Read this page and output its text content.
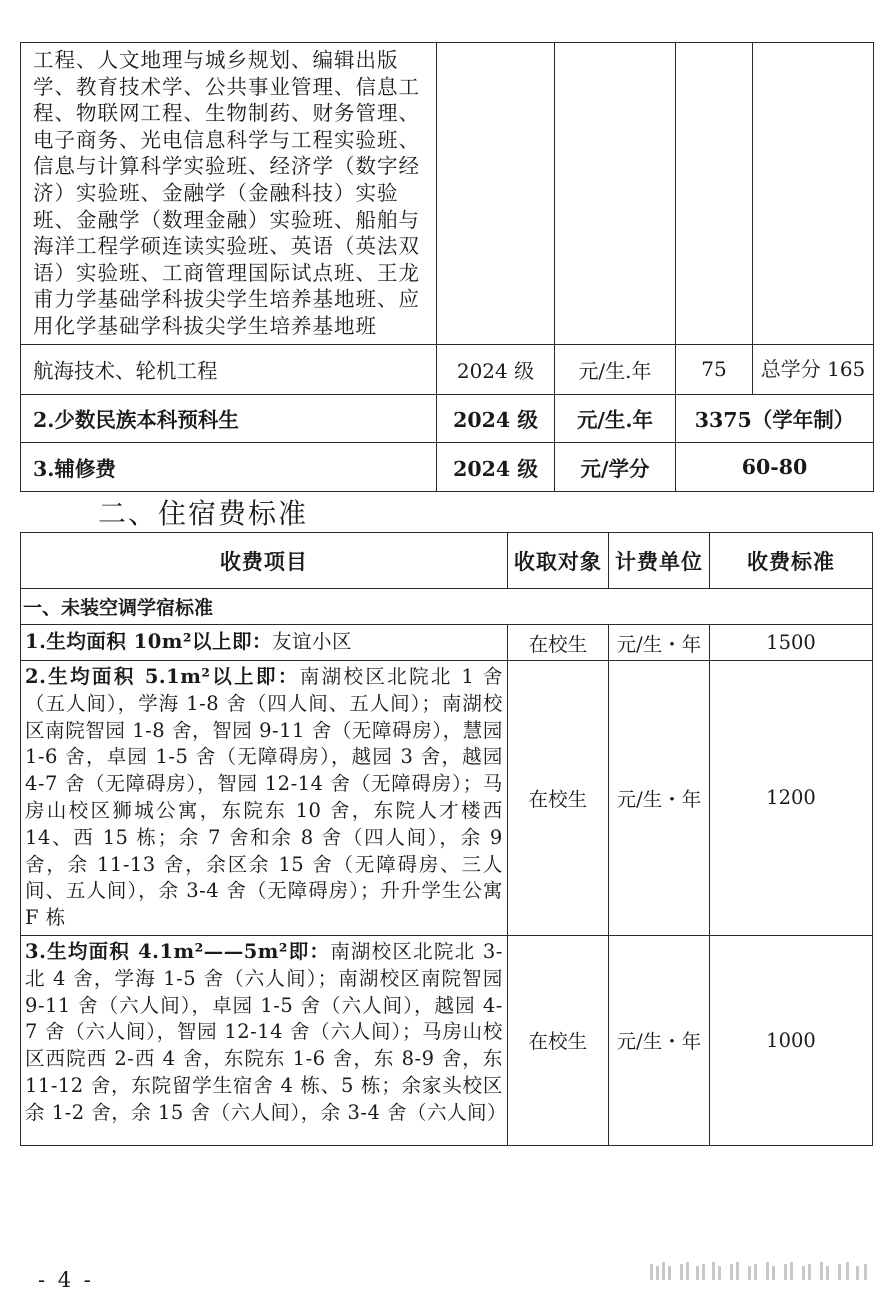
工程、人文地理与城乡规划、编辑出版学、教育技术学、公共事业管理、信息工程、物联网工程、生物制药、财务管理、电子商务、光电信息科学与工程实验班、信息与计算科学实验班、经济学（数字经济）实验班、金融学（金融科技）实验班、金融学（数理金融）实验班、船舶与海洋工程学硕连读实验班、英语（英法双语）实验班、工商管理国际试点班、王龙甫力学基础学科拔尖学生培养基地班、应用化学基础学科拔尖学生培养基地班				
航海技术、轮机工程	2024 级	元/生.年	75	总学分 165
2.少数民族本科预科生	2024 级	元/生.年	3375（学年制）	
3.辅修费	2024 级	元/学分	60-80	
二、住宿费标准
收费项目	收取对象	计费单位	收费标准
一、未装空调学宿标准			
1.生均面积 10m²以上即：友谊小区	在校生	元/生・年	1500
2.生均面积 5.1m²以上即：南湖校区北院北 1 舍（五人间），学海 1-8 舍（四人间、五人间）；南湖校区南院智园 1-8 舍，智园 9-11 舍（无障碍房），慧园 1-6 舍，卓园 1-5 舍（无障碍房），越园 3 舍，越园 4-7 舍（无障碍房），智园 12-14 舍（无障碍房）；马房山校区狮城公寓，东院东 10 舍，东院人才楼西 14、西 15 栋；余 7 舍和余 8 舍（四人间），余 9 舍，余 11-13 舍，余区余 15 舍（无障碍房、三人间、五人间），余 3-4 舍（无障碍房）；升升学生公寓 F 栋	在校生	元/生・年	1200
3.生均面积 4.1m²——5m²即：南湖校区北院北 3-北 4 舍，学海 1-5 舍（六人间）；南湖校区南院智园 9-11 舍（六人间），卓园 1-5 舍（六人间），越园 4-7 舍（六人间），智园 12-14 舍（六人间）；马房山校区西院西 2-西 4 舍，东院东 1-6 舍，东 8-9 舍，东 11-12 舍，东院留学生宿舍 4 栋、5 栋；余家头校区余 1-2 舍，余 15 舍（六人间），余 3-4 舍（六人间）	在校生	元/生・年	1000
- 4 -
